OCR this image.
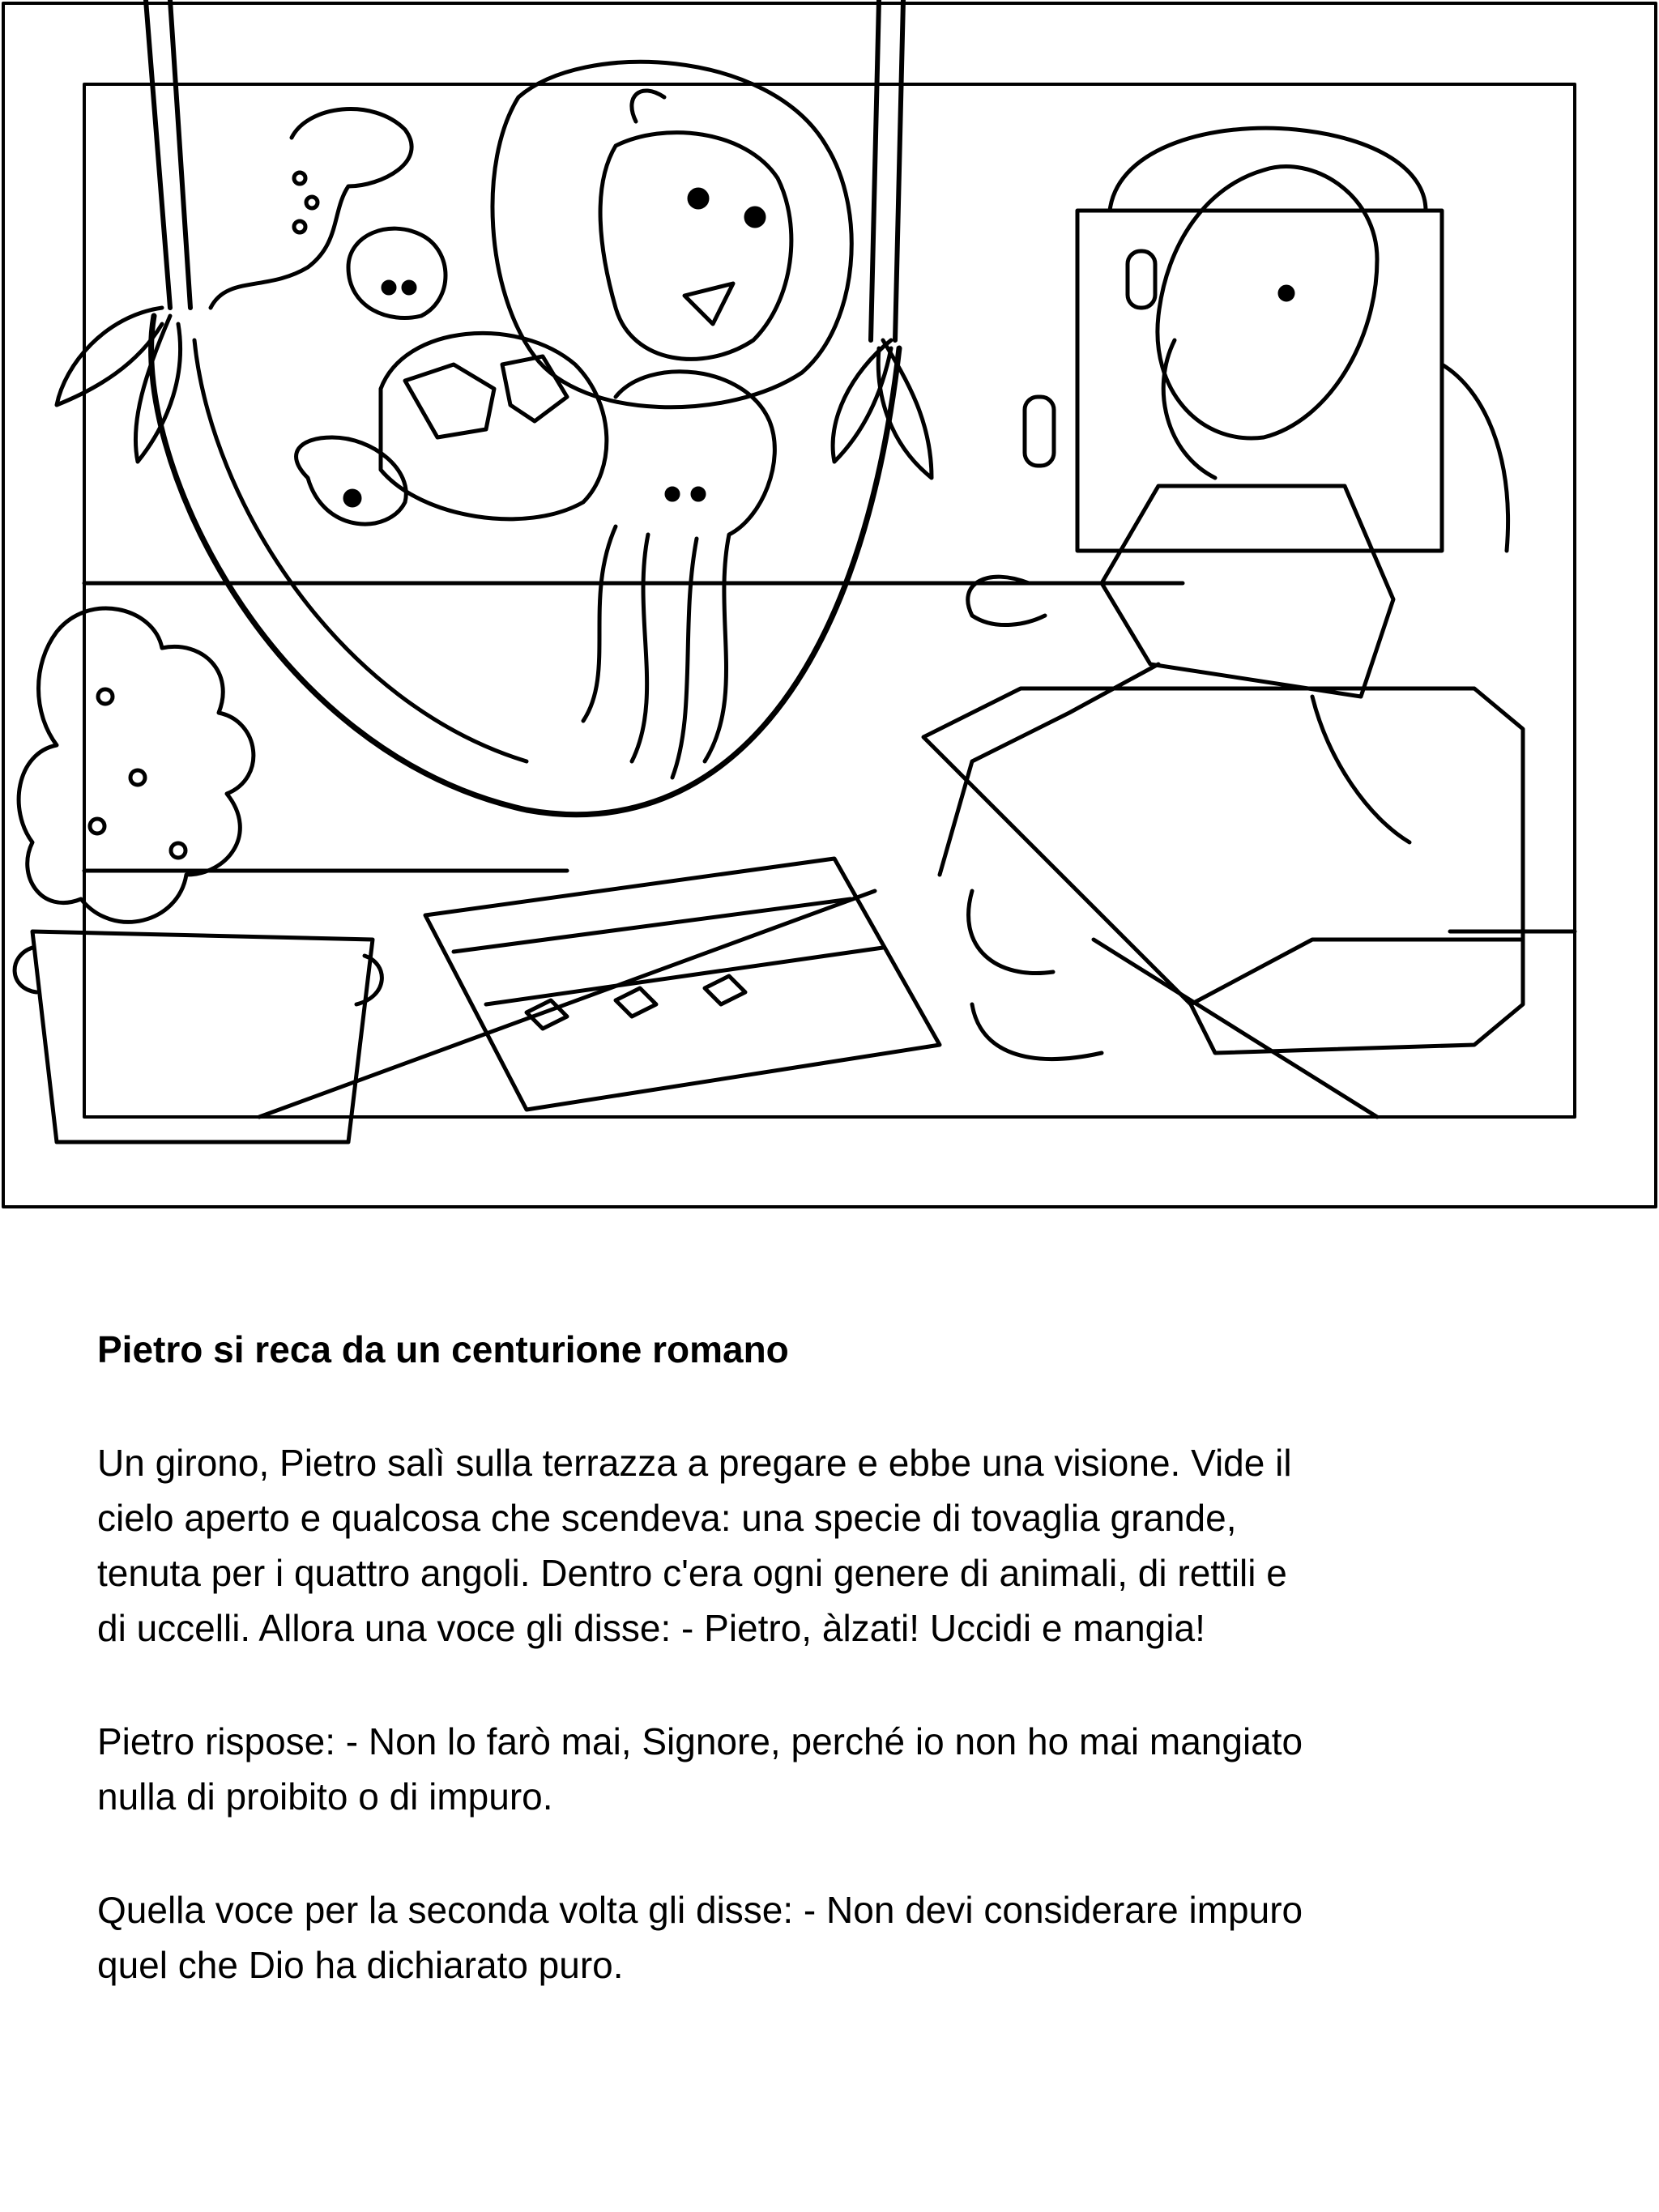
Pietro si reca da un centurione romano
Un girono, Pietro salì sulla terrazza a pregare e ebbe una visione. Vide il
cielo aperto e qualcosa che scendeva: una specie di tovaglia grande,
tenuta per i quattro angoli. Dentro c'era ogni genere di animali, di rettili e
di uccelli. Allora una voce gli disse: - Pietro, àlzati! Uccidi e mangia!
Pietro rispose: - Non lo farò mai, Signore, perché io non ho mai mangiato
nulla di proibito o di impuro.
Quella voce per la seconda volta gli disse: - Non devi considerare impuro
quel che Dio ha dichiarato puro.
